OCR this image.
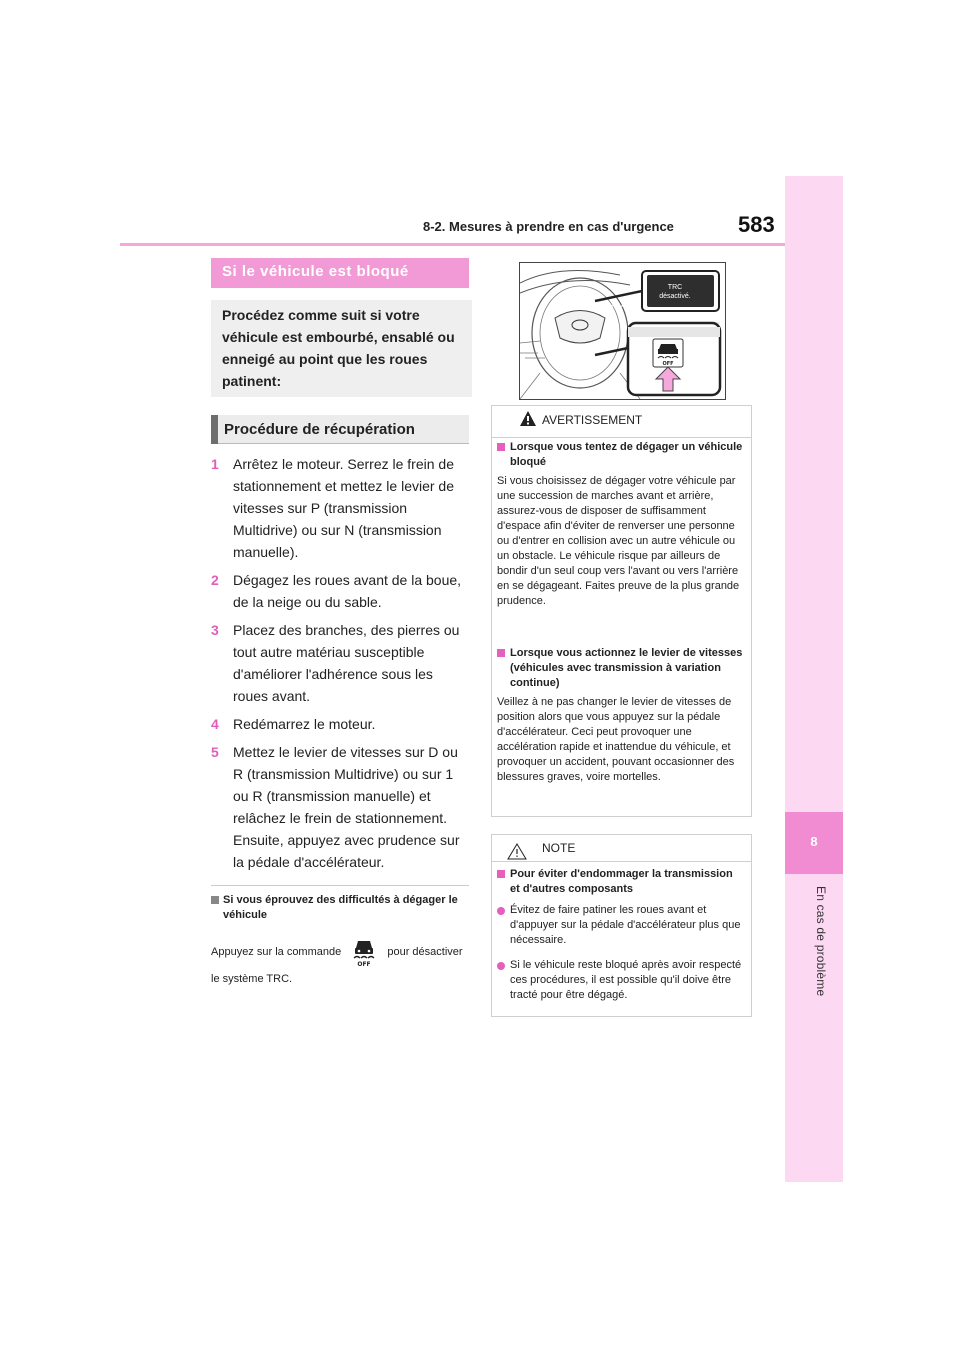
8-2. Mesures à prendre en cas d'urgence	583
8
En cas de problème
Si le véhicule est bloqué
Procédez comme suit si votre véhicule est embourbé, ensablé ou enneigé au point que les roues patinent:
Procédure de récupération
1 Arrêtez le moteur. Serrez le frein de stationnement et mettez le levier de vitesses sur P (transmission Multidrive) ou sur N (transmission manuelle).
2 Dégagez les roues avant de la boue, de la neige ou du sable.
3 Placez des branches, des pierres ou tout autre matériau susceptible d'améliorer l'adhérence sous les roues avant.
4 Redémarrez le moteur.
5 Mettez le levier de vitesses sur D ou R (transmission Multidrive) ou sur 1 ou R (transmission manuelle) et relâchez le frein de stationnement. Ensuite, appuyez avec prudence sur la pédale d'accélérateur.
Si vous éprouvez des difficultés à dégager le véhicule
Appuyez sur la commande
OFF
pour désactiver le système TRC.
OFF
TRC
désactivé.
AVERTISSEMENT
Lorsque vous tentez de dégager un véhicule bloqué
Si vous choisissez de dégager votre véhicule par une succession de marches avant et arrière, assurez-vous de disposer de suffisamment d'espace afin d'éviter de renverser une personne ou d'entrer en collision avec un autre véhicule ou un obstacle. Le véhicule risque par ailleurs de bondir d'un seul coup vers l'avant ou vers l'arrière en se dégageant. Faites preuve de la plus grande prudence.
Lorsque vous actionnez le levier de vitesses (véhicules avec transmission à variation continue)
Veillez à ne pas changer le levier de vitesses de position alors que vous appuyez sur la pédale d'accélérateur. Ceci peut provoquer une accélération rapide et inattendue du véhicule, et provoquer un accident, pouvant occasionner des blessures graves, voire mortelles.
NOTE
Pour éviter d'endommager la transmission et d'autres composants
Évitez de faire patiner les roues avant et d'appuyer sur la pédale d'accélérateur plus que nécessaire.
Si le véhicule reste bloqué après avoir respecté ces procédures, il est possible qu'il doive être tracté pour être dégagé.
